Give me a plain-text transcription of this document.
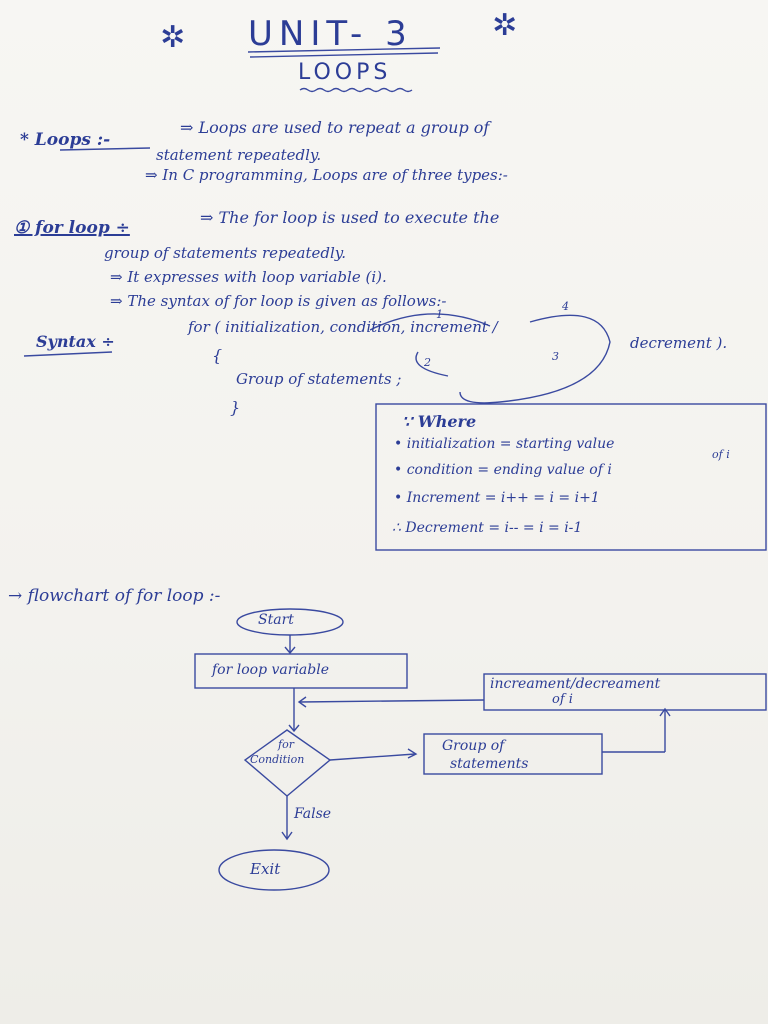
✲ UNIT- 3	✲
LOOPS
* Loops :-
⇒ Loops are used to repeat a group of
statement repeatedly.
⇒ In C programming, Loops are of three types:-
① for loop ÷
⇒ The for loop is used to execute the
group of statements repeatedly.
⇒ It expresses with loop variable (i).
⇒ The syntax of for loop is given as follows:-
Syntax ÷
for ( initialization, condition, increment /
decrement ).
{
Group of statements ;
}
1
4
2	3
∵ Where
• initialization = starting value
of i
• condition = ending value of i
• Increment = i++ = i = i+1
∴ Decrement = i-- = i = i-1
→ flowchart of for loop :-
Start
for loop variable
for
Condition
Group of
statements
increament/decreament
of i
False
Exit
